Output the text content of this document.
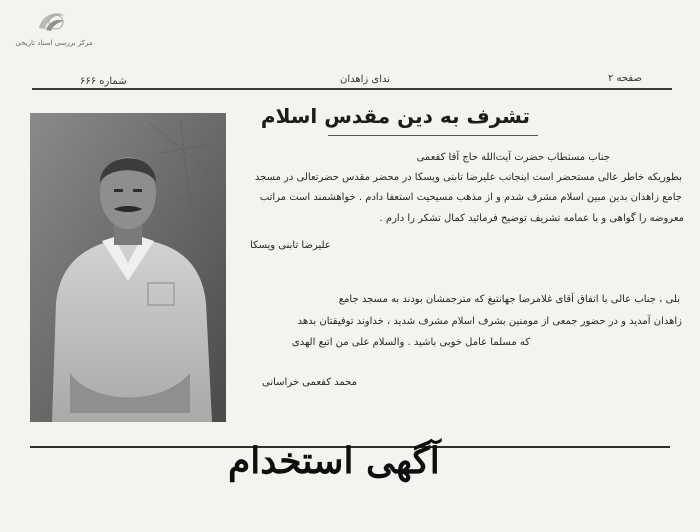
مرکز بررسی اسناد تاریخی
شماره ۶۶۶	ندای زاهدان	صفحه ۲
تشرف به دین مقدس اسلام
جناب مستطاب حضرت آیت‌الله حاج آقا کفعمی
بطوریکه خاطر عالی مستحضر است اینجانب علیرضا تابنی ویسکا در محضر مقدس حضرتعالی در مسجد
جامع زاهدان بدین مبین اسلام مشرف شدم و از مذهب مسیحیت استعفا دادم . خواهشمند است مراتب
معروضه را گواهی و با عمامه تشریف توضیح فرمائید کمال تشکر را دارم .
علیرضا تابنی ویسکا
بلی ، جناب عالی با اتفاق آقای غلامرضا جهانتیغ که مترجمشان بودند به مسجد جامع
زاهدان آمدید و در حضور جمعی از مومنین بشرف اسلام مشرف شدید ، خداوند توفیقتان بدهد
که مسلما عامل خوبی باشید . والسلام علی من اتبع الهدی
محمد کفعمی خراسانی
آگهی استخدام
